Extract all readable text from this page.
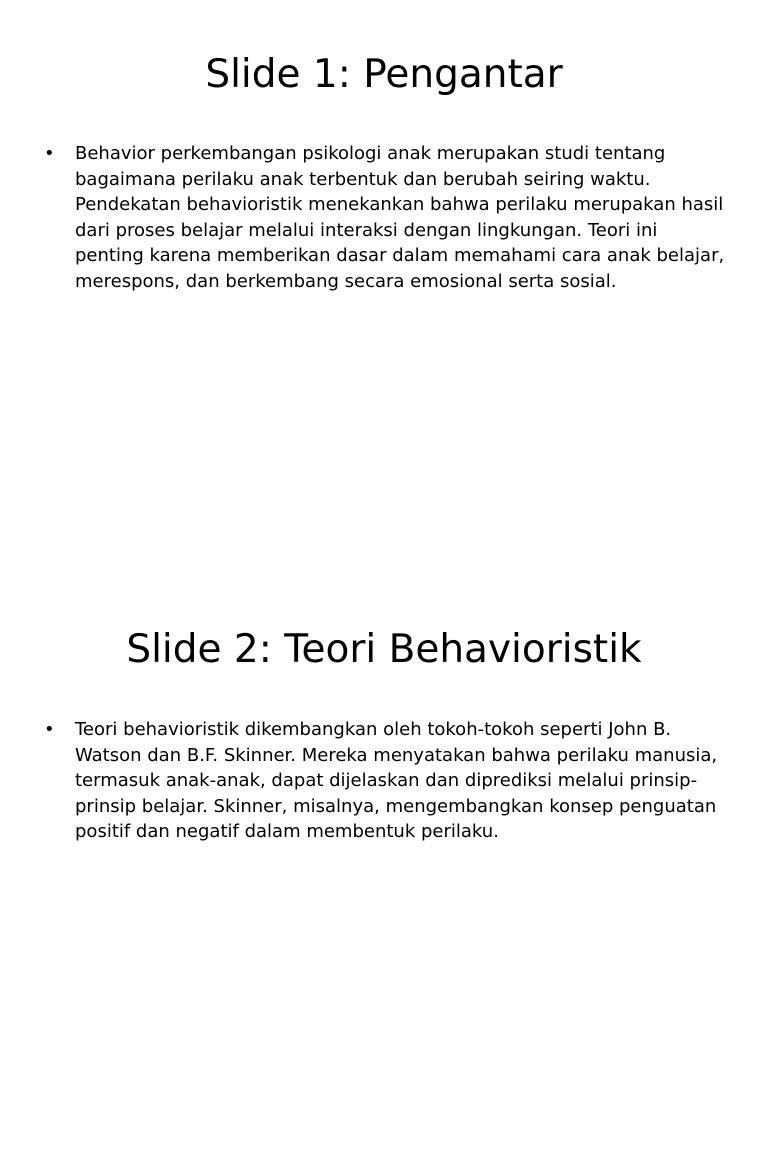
Slide 1: Pengantar
• Behavior perkembangan psikologi anak merupakan studi tentang bagaimana perilaku anak terbentuk dan berubah seiring waktu. Pendekatan behavioristik menekankan bahwa perilaku merupakan hasil dari proses belajar melalui interaksi dengan lingkungan. Teori ini penting karena memberikan dasar dalam memahami cara anak belajar, merespons, dan berkembang secara emosional serta sosial.
Slide 2: Teori Behavioristik
• Teori behavioristik dikembangkan oleh tokoh-tokoh seperti John B. Watson dan B.F. Skinner. Mereka menyatakan bahwa perilaku manusia, termasuk anak-anak, dapat dijelaskan dan diprediksi melalui prinsip-prinsip belajar. Skinner, misalnya, mengembangkan konsep penguatan positif dan negatif dalam membentuk perilaku.
